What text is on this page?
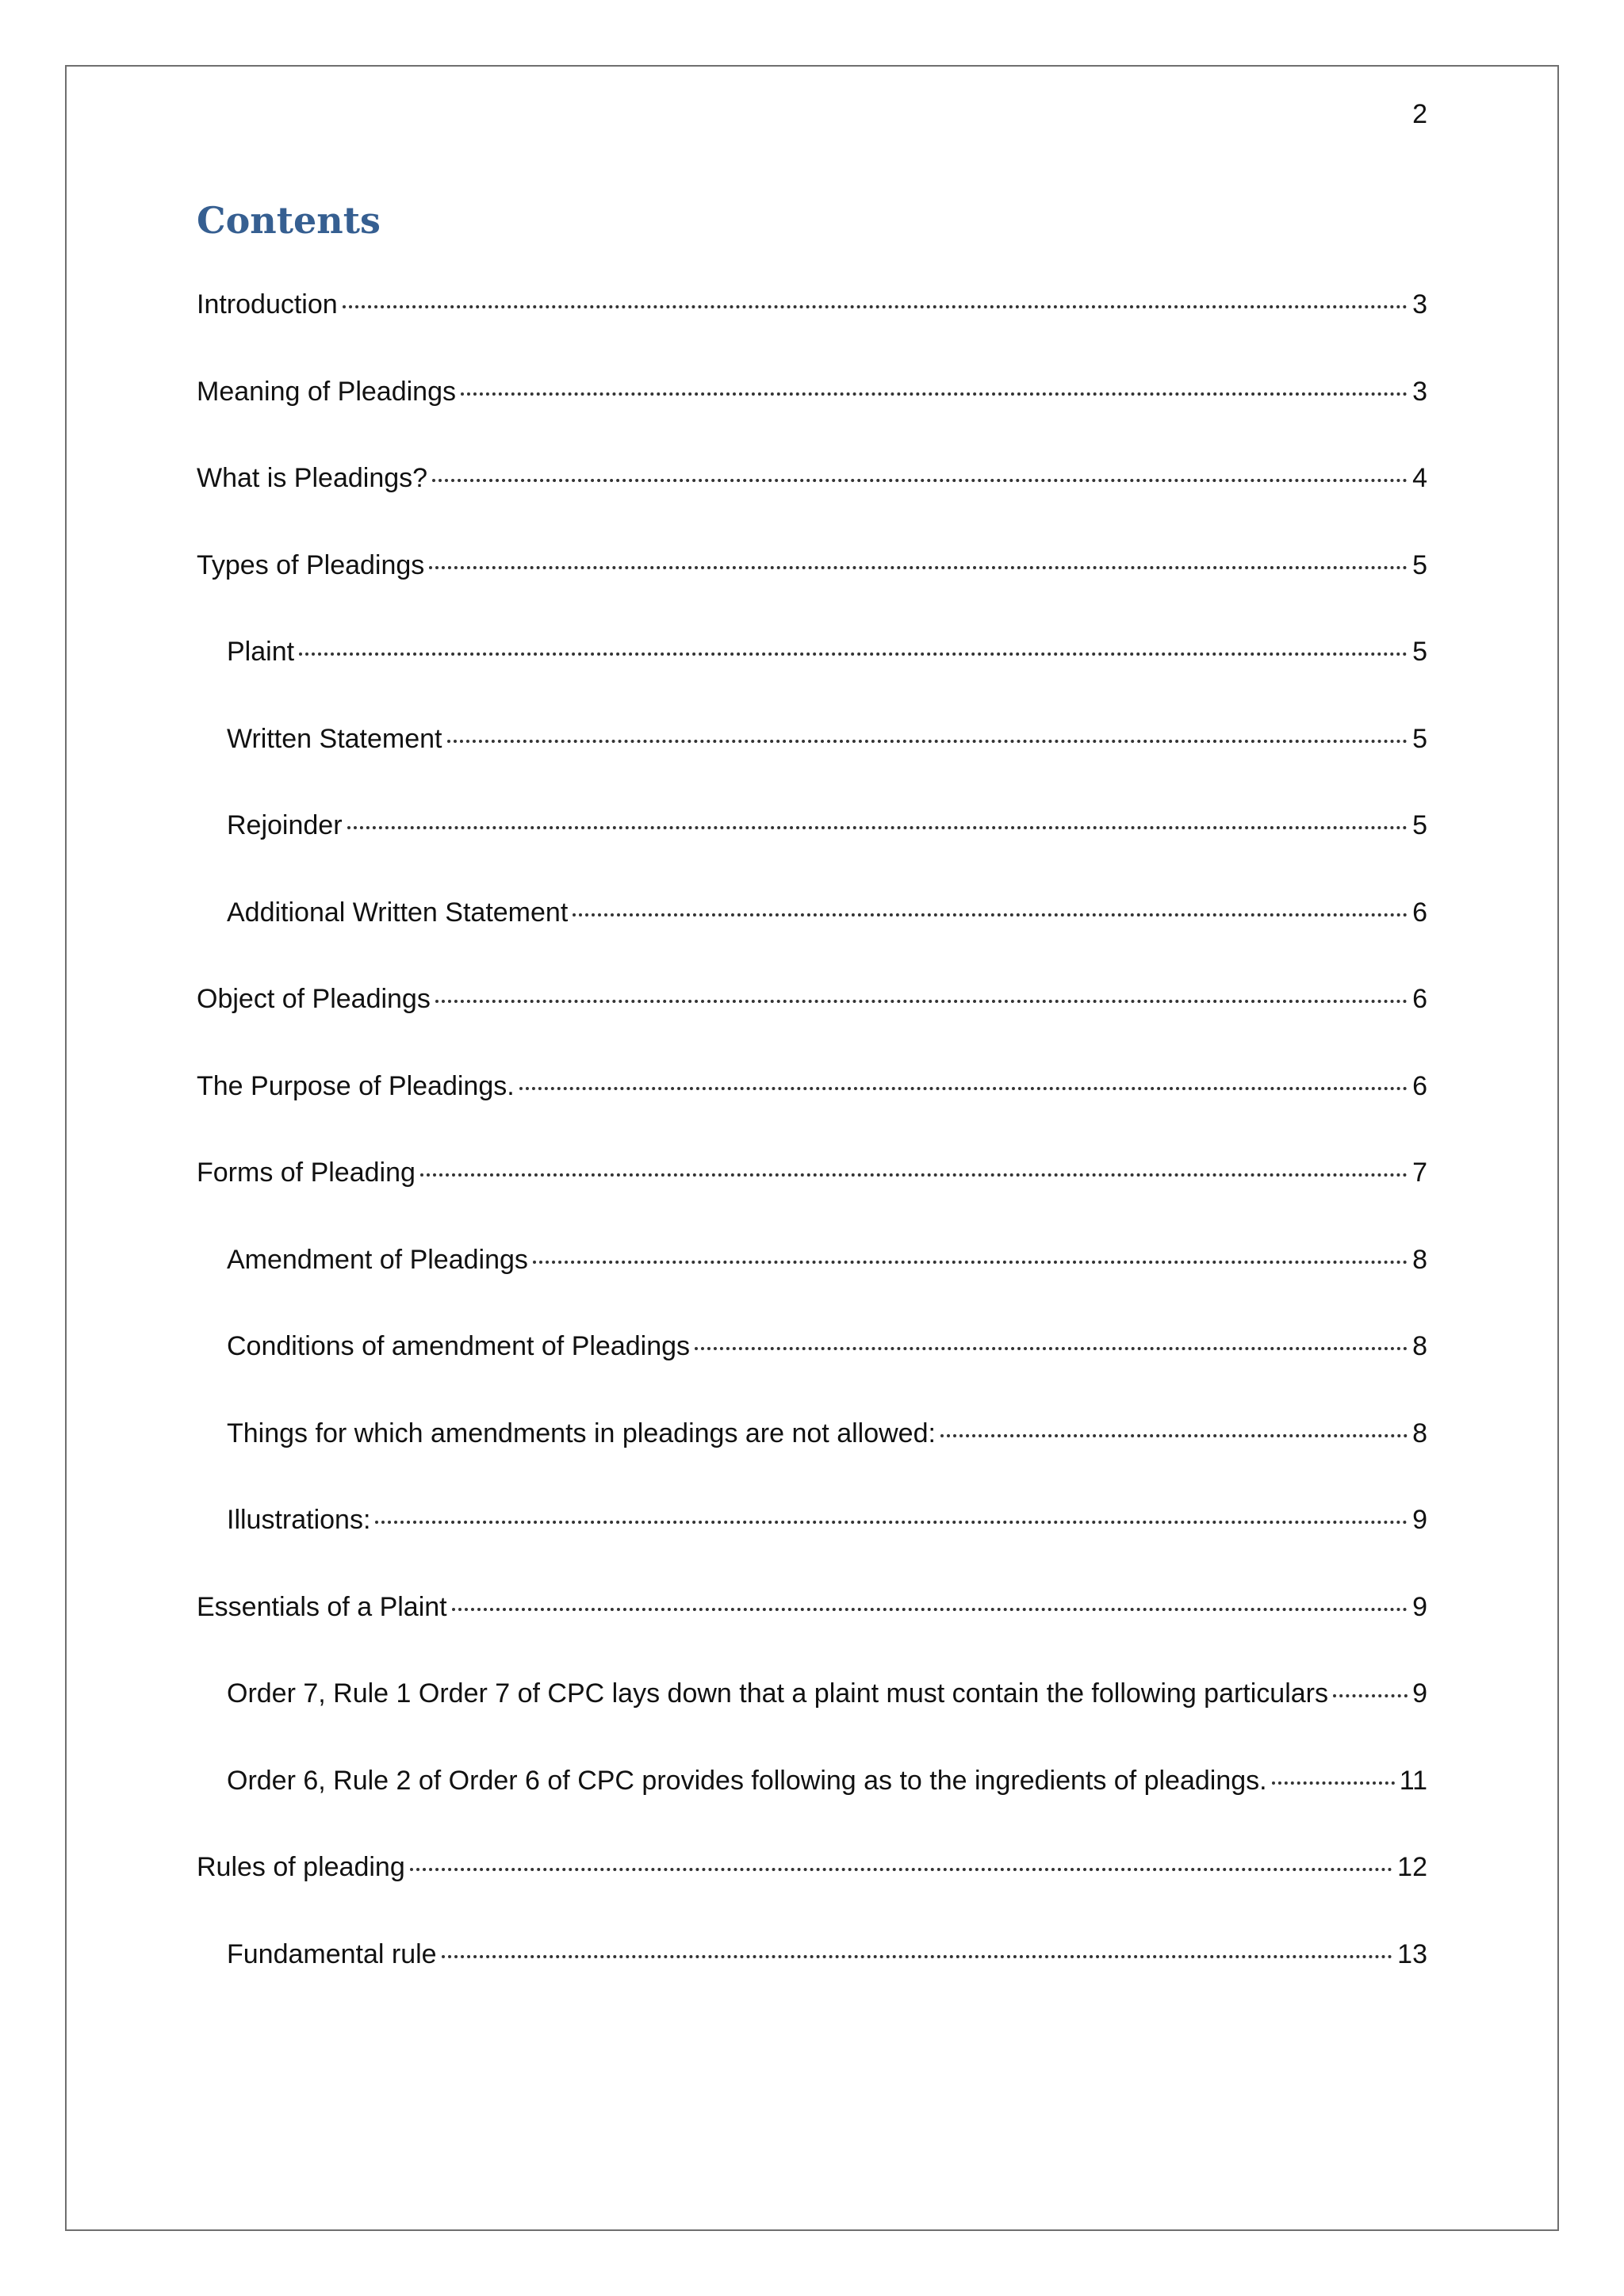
2
Contents
Introduction	3
Meaning of Pleadings	3
What is Pleadings?	4
Types of Pleadings	5
Plaint	5
Written Statement	5
Rejoinder	5
Additional Written Statement	6
Object of Pleadings	6
The Purpose of Pleadings.	6
Forms of Pleading	7
Amendment of Pleadings	8
Conditions of amendment of Pleadings	8
Things for which amendments in pleadings are not allowed:	8
Illustrations:	9
Essentials of a Plaint	9
Order 7, Rule 1 Order 7 of CPC lays down that a plaint must contain the following particulars	9
Order 6, Rule 2 of Order 6 of CPC provides following as to the ingredients of pleadings.	11
Rules of pleading	12
Fundamental rule	13
